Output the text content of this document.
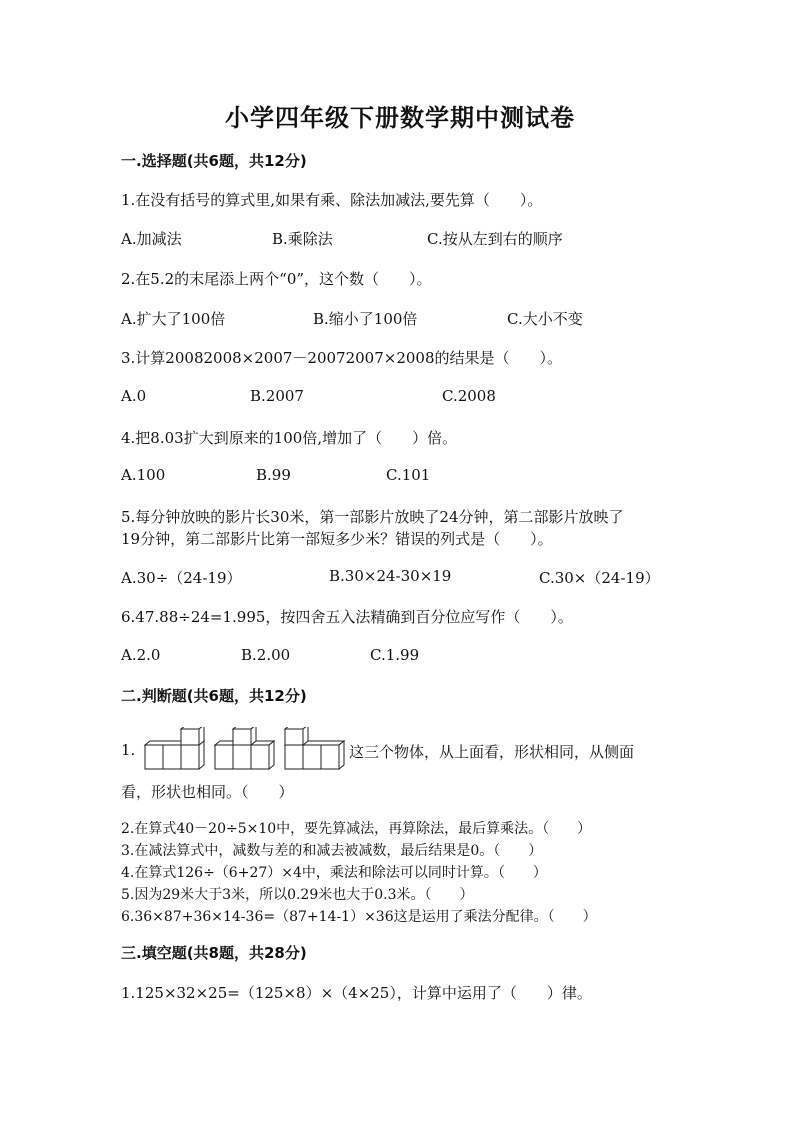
小学四年级下册数学期中测试卷
一.选择题(共6题，共12分)
1.在没有括号的算式里,如果有乘、除法加减法,要先算（　　）。
A.加减法	B.乘除法	C.按从左到右的顺序
2.在5.2的末尾添上两个“0”，这个数（　　）。
A.扩大了100倍	B.缩小了100倍	C.大小不变
3.计算20082008×2007－20072007×2008的结果是（　　）。
A.0	B.2007	C.2008
4.把8.03扩大到原来的100倍,增加了（　　）倍。
A.100	B.99	C.101
5.每分钟放映的影片长30米，第一部影片放映了24分钟，第二部影片放映了
19分钟，第二部影片比第一部短多少米？错误的列式是（　　）。
A.30÷（24-19）	B.30×24-30×19	C.30×（24-19）
6.47.88÷24=1.995，按四舍五入法精确到百分位应写作（　　）。
A.2.0	B.2.00	C.1.99
二.判断题(共6题，共12分)
1.	这三个物体，从上面看，形状相同，从侧面
看，形状也相同。（　　）
2.在算式40－20÷5×10中，要先算减法，再算除法，最后算乘法。（　　）
3.在减法算式中，减数与差的和减去被减数，最后结果是0。（　　）
4.在算式126÷（6+27）×4中，乘法和除法可以同时计算。（　　）
5.因为29米大于3米，所以0.29米也大于0.3米。（　　）
6.36×87+36×14-36=（87+14-1）×36这是运用了乘法分配律。（　　）
三.填空题(共8题，共28分)
1.125×32×25=（125×8）×（4×25），计算中运用了（　　）律。
